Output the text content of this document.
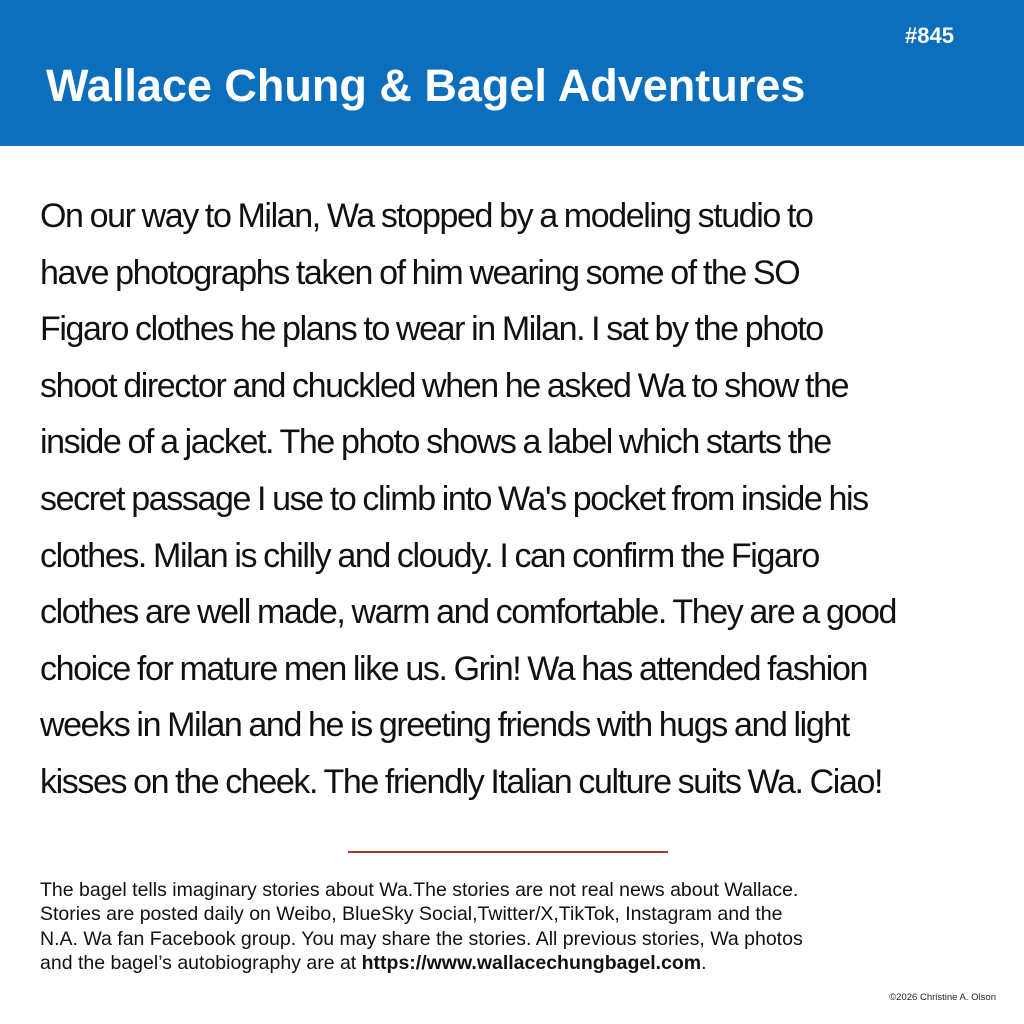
#845
Wallace Chung & Bagel Adventures
On our way to Milan, Wa stopped by a modeling studio to
have photographs taken of him wearing some of the SO
Figaro clothes he plans to wear in Milan. I sat by the photo
shoot director and chuckled when he asked Wa to show the
inside of a jacket. The photo shows a label which starts the
secret passage I use to climb into Wa's pocket from inside his
clothes. Milan is chilly and cloudy. I can confirm the Figaro
clothes are well made, warm and comfortable. They are a good
choice for mature men like us. Grin! Wa has attended fashion
weeks in Milan and he is greeting friends with hugs and light
kisses on the cheek. The friendly Italian culture suits Wa. Ciao!
The bagel tells imaginary stories about Wa.The stories are not real news about Wallace.
Stories are posted daily on Weibo, BlueSky Social,Twitter/X,TikTok, Instagram and the
N.A. Wa fan Facebook group. You may share the stories. All previous stories, Wa photos
and the bagel’s autobiography are at https://www.wallacechungbagel.com.
©2026 Christine A. Olson
